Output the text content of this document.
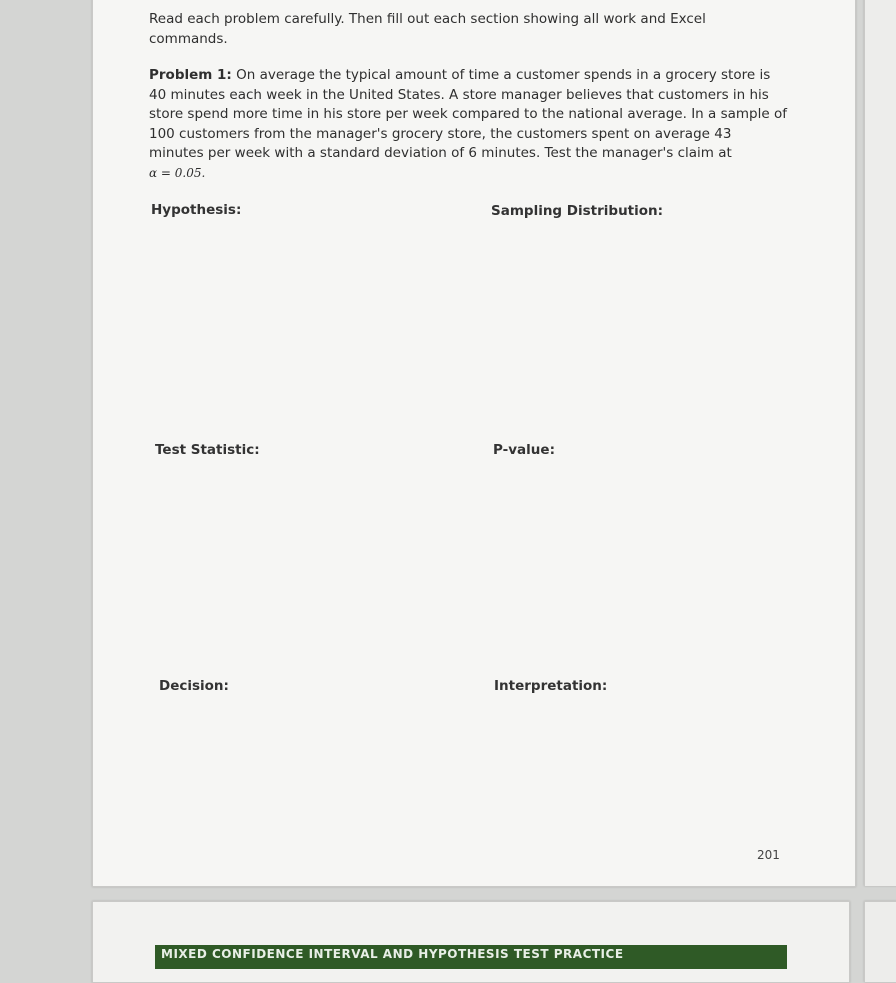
Read each problem carefully. Then fill out each section showing all work and Excel commands.

Problem 1: On average the typical amount of time a customer spends in a grocery store is 40 minutes each week in the United States. A store manager believes that customers in his store spend more time in his store per week compared to the national average. In a sample of 100 customers from the manager's grocery store, the customers spent on average 43 minutes per week with a standard deviation of 6 minutes. Test the manager's claim at
α = 0.05.

Hypothesis:	Sampling Distribution:
Test Statistic:	P-value:
Decision:	Interpretation:
201
MIXED CONFIDENCE INTERVAL AND HYPOTHESIS TEST PRACTICE
